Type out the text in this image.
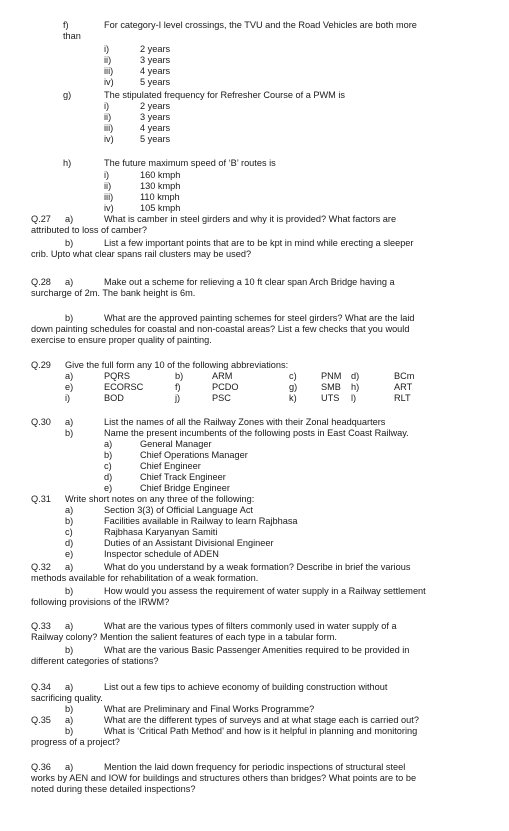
f)	For category-I level crossings, the TVU and the Road Vehicles are both more
than
i)	2 years
ii)	3 years
iii)	4 years
iv)	5 years
g)	The stipulated frequency for Refresher Course of a PWM is
i)	2 years
ii)	3 years
iii)	4 years
iv)	5 years
h)	The future maximum speed of ‘B’ routes is
i)	160 kmph
ii)	130 kmph
iii)	110 kmph
iv)	105 kmph
Q.27 a)	What is camber in steel girders and why it is provided? What factors are
attributed to loss of camber?
b)	List a few important points that are to be kpt in mind while erecting a sleeper
crib. Upto what clear spans rail clusters may be used?
Q.28 a)	Make out a scheme for relieving a 10 ft clear span Arch Bridge having a
surcharge of 2m. The bank height is 6m.
b)	What are the approved painting schemes for steel girders? What are the laid
down painting schedules for coastal and non-coastal areas? List a few checks that you would
exercise to ensure proper quality of painting.
Q.29 Give the full form any 10 of the following abbreviations:
a)	PQRS	b)	ARM	c)	PNM d)	BCm
e)	ECORSC	f)	PCDO	g)	SMB h)	ART
i)	BOD	j)	PSC	k)	UTS l)	RLT
Q.30 a)	List the names of all the Railway Zones with their Zonal headquarters
b)	Name the present incumbents of the following posts in East Coast Railway.
a)	General Manager
b)	Chief Operations Manager
c)	Chief Engineer
d)	Chief Track Engineer
e)	Chief Bridge Engineer
Q.31 Write short notes on any three of the following:
a)	Section 3(3) of Official Language Act
b)	Facilities available in Railway to learn Rajbhasa
c)	Rajbhasa Karyanyan Samiti
d)	Duties of an Assistant Divisional Engineer
e)	Inspector schedule of ADEN
Q.32 a)	What do you understand by a weak formation? Describe in brief the various
methods available for rehabilitation of a weak formation.
b)	How would you assess the requirement of water supply in a Railway settlement
following provisions of the IRWM?
Q.33 a)	What are the various types of filters commonly used in water supply of a
Railway colony? Mention the salient features of each type in a tabular form.
b)	What are the various Basic Passenger Amenities required to be provided in
different categories of stations?
Q.34 a)	List out a few tips to achieve economy of building construction without
sacrificing quality.
b)	What are Preliminary and Final Works Programme?
Q.35 a)	What are the different types of surveys and at what stage each is carried out?
b)	What is ‘Critical Path Method’ and how is it helpful in planning and monitoring
progress of a project?
Q.36 a)	Mention the laid down frequency for periodic inspections of structural steel
works by AEN and IOW for buildings and structures others than bridges? What points are to be
noted during these detailed inspections?
